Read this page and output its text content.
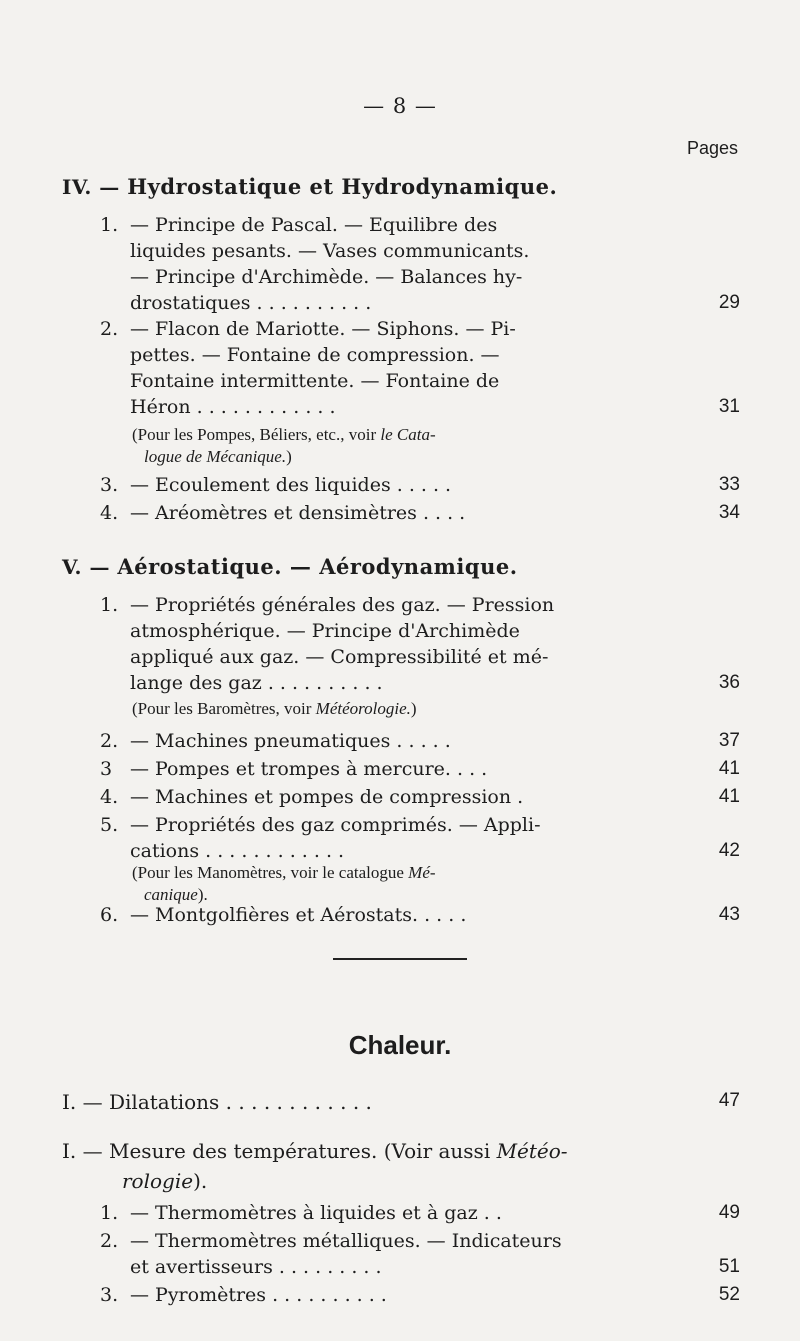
— 8 —
Pages
IV. — Hydrostatique et Hydrodynamique.
1. — Principe de Pascal. — Equilibre des
liquides pesants. — Vases communicants.
— Principe d'Archimède. — Balances hy-
drostatiques . . . . . . . . . .	29
2. — Flacon de Mariotte. — Siphons. — Pi-
pettes. — Fontaine de compression. —
Fontaine intermittente. — Fontaine de
Héron . . . . . . . . . . . .	31
(Pour les Pompes, Béliers, etc., voir le Cata-
logue de Mécanique.)
3. — Ecoulement des liquides . . . . .	33
4. — Aréomètres et densimètres . . . .	34
V. — Aérostatique. — Aérodynamique.
1. — Propriétés générales des gaz. — Pression
atmosphérique. — Principe d'Archimède
appliqué aux gaz. — Compressibilité et mé-
lange des gaz . . . . . . . . . .	36
(Pour les Baromètres, voir Météorologie.)
2. — Machines pneumatiques . . . . .	37
3 — Pompes et trompes à mercure. . . .	41
4. — Machines et pompes de compression .	41
5. — Propriétés des gaz comprimés. — Appli-
cations . . . . . . . . . . . .	42
(Pour les Manomètres, voir le catalogue Mé-
canique).
6. — Montgolfières et Aérostats. . . . .	43
Chaleur.
I. — Dilatations . . . . . . . . . . . .	47
I. — Mesure des températures. (Voir aussi Météo-
rologie).
1. — Thermomètres à liquides et à gaz . .	49
2. — Thermomètres métalliques. — Indicateurs
et avertisseurs . . . . . . . . .	51
3. — Pyromètres . . . . . . . . . .	52
